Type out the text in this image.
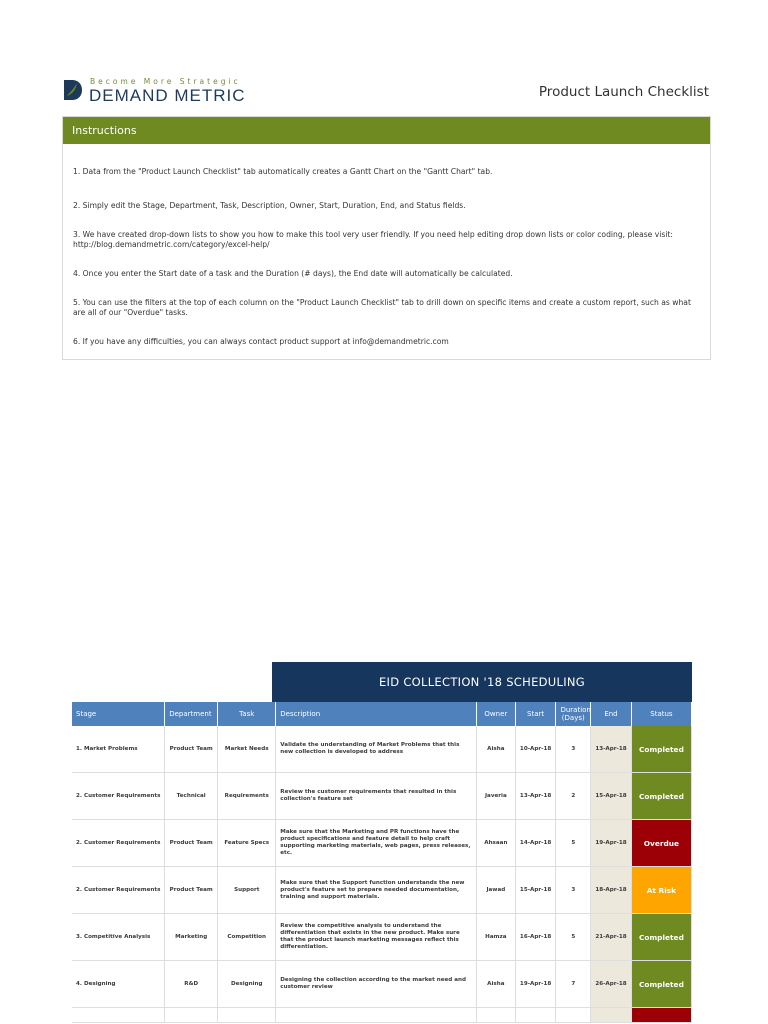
Become More Strategic
DEMAND METRIC	Product Launch Checklist
Instructions
1. Data from the "Product Launch Checklist" tab automatically creates a Gantt Chart on the "Gantt Chart" tab.
2. Simply edit the Stage, Department, Task, Description, Owner, Start, Duration, End, and Status fields.
3. We have created drop-down lists to show you how to make this tool very user friendly. If you need help editing drop down lists or color coding, please visit: http://blog.demandmetric.com/category/excel-help/
4. Once you enter the Start date of a task and the Duration (# days), the End date will automatically be calculated.
5. You can use the filters at the top of each column on the "Product Launch Checklist" tab to drill down on specific items and create a custom report, such as what are all of our "Overdue" tasks.
6. If you have any difficulties, you can always contact product support at info@demandmetric.com
EID COLLECTION '18 SCHEDULING
Stage	Department	Task	Description	Owner	Start	Duration (Days)	End	Status
1. Market Problems	Product Team	Market Needs	Validate the understanding of Market Problems that this new collection is developed to address	Aisha	10-Apr-18	3	13-Apr-18	Completed
2. Customer Requirements	Technical	Requirements	Review the customer requirements that resulted in this collection's feature set	Javeria	13-Apr-18	2	15-Apr-18	Completed
2. Customer Requirements	Product Team	Feature Specs	Make sure that the Marketing and PR functions have the product specifications and feature detail to help craft supporting marketing materials, web pages, press releases, etc.	Ahsaan	14-Apr-18	5	19-Apr-18	Overdue
2. Customer Requirements	Product Team	Support	Make sure that the Support function understands the new product's feature set to prepare needed documentation, training and support materials.	Jawad	15-Apr-18	3	18-Apr-18	At Risk
3. Competitive Analysis	Marketing	Competition	Review the competitive analysis to understand the differentiation that exists in the new product. Make sure that the product launch marketing messages reflect this differentiation.	Hamza	16-Apr-18	5	21-Apr-18	Completed
4. Designing	R&D	Designing	Designing the collection according to the market need and customer review	Aisha	19-Apr-18	7	26-Apr-18	Completed
